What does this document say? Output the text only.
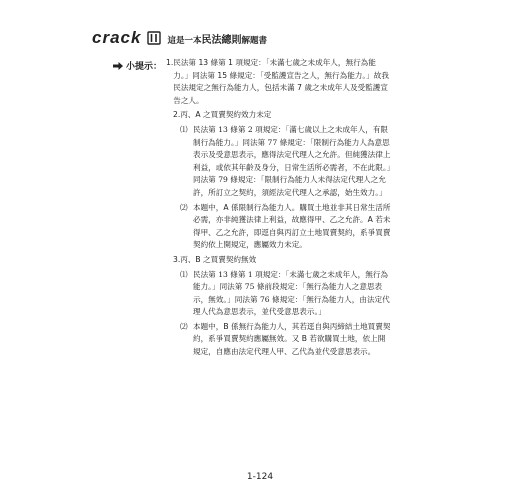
crack	這是一本民法總則解題書
小提示： 1. 民法第 13 條第 1 項規定：「未滿七歲之未成年人，無行為能力。」同法第 15 條規定：「受監護宣告之人，無行為能力。」故我民法規定之無行為能力人，包括未滿 7 歲之未成年人及受監護宣告之人。
2. 丙、A 之買賣契約效力未定
⑴ 民法第 13 條第 2 項規定：「滿七歲以上之未成年人，有限制行為能力。」同法第 77 條規定：「限制行為能力人為意思表示及受意思表示，應得法定代理人之允許。但純獲法律上利益，或依其年齡及身分，日常生活所必需者，不在此限。」同法第 79 條規定：「限制行為能力人未得法定代理人之允許，所訂立之契約，須經法定代理人之承認，始生效力。」
⑵ 本題中，A 係限制行為能力人。購買土地並非其日常生活所必需，亦非純獲法律上利益，故應得甲、乙之允許。A 若未得甲、乙之允許，即逕自與丙訂立土地買賣契約，系爭買賣契約依上開規定，應屬效力未定。
3. 丙、B 之買賣契約無效
⑴ 民法第 13 條第 1 項規定：「未滿七歲之未成年人，無行為能力。」同法第 75 條前段規定：「無行為能力人之意思表示，無效。」同法第 76 條規定：「無行為能力人，由法定代理人代為意思表示，並代受意思表示。」
⑵ 本題中，B 係無行為能力人，其若逕自與丙締結土地買賣契約，系爭買賣契約應屬無效。又 B 若欲購買土地，依上開規定，自應由法定代理人甲、乙代為並代受意思表示。
1-124
